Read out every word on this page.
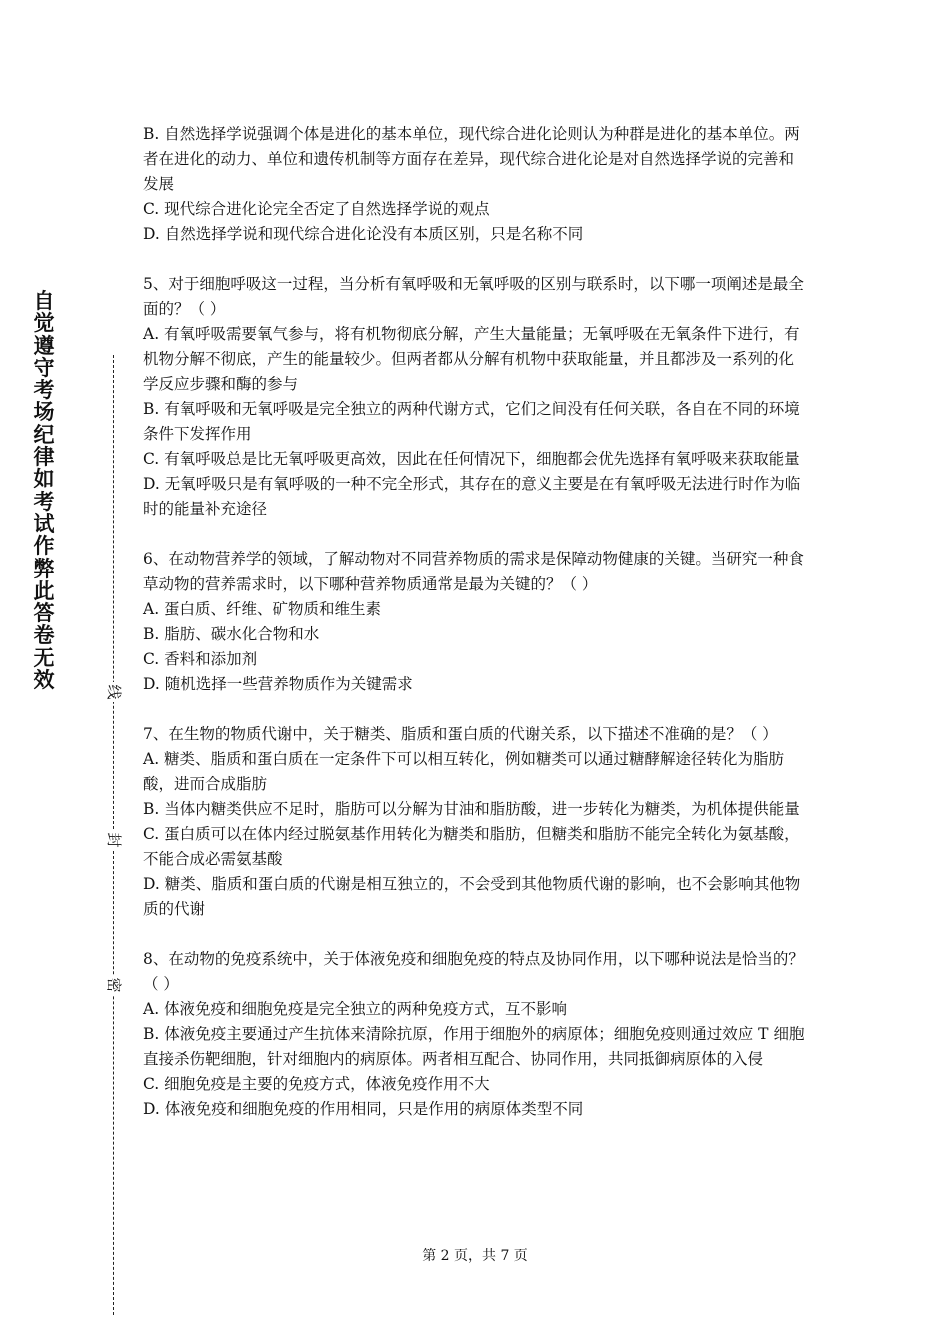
自觉遵守考场纪律如考试作弊此答卷无效	线
封
密
B. 自然选择学说强调个体是进化的基本单位，现代综合进化论则认为种群是进化的基本单位。两者在进化的动力、单位和遗传机制等方面存在差异，现代综合进化论是对自然选择学说的完善和发展
C. 现代综合进化论完全否定了自然选择学说的观点
D. 自然选择学说和现代综合进化论没有本质区别，只是名称不同
5、对于细胞呼吸这一过程，当分析有氧呼吸和无氧呼吸的区别与联系时，以下哪一项阐述是最全面的？（ ）
A. 有氧呼吸需要氧气参与，将有机物彻底分解，产生大量能量；无氧呼吸在无氧条件下进行，有机物分解不彻底，产生的能量较少。但两者都从分解有机物中获取能量，并且都涉及一系列的化学反应步骤和酶的参与
B. 有氧呼吸和无氧呼吸是完全独立的两种代谢方式，它们之间没有任何关联，各自在不同的环境条件下发挥作用
C. 有氧呼吸总是比无氧呼吸更高效，因此在任何情况下，细胞都会优先选择有氧呼吸来获取能量
D. 无氧呼吸只是有氧呼吸的一种不完全形式，其存在的意义主要是在有氧呼吸无法进行时作为临时的能量补充途径
6、在动物营养学的领域，了解动物对不同营养物质的需求是保障动物健康的关键。当研究一种食草动物的营养需求时，以下哪种营养物质通常是最为关键的？（ ）
A. 蛋白质、纤维、矿物质和维生素
B. 脂肪、碳水化合物和水
C. 香料和添加剂
D. 随机选择一些营养物质作为关键需求
7、在生物的物质代谢中，关于糖类、脂质和蛋白质的代谢关系，以下描述不准确的是？（ ）
A. 糖类、脂质和蛋白质在一定条件下可以相互转化，例如糖类可以通过糖酵解途径转化为脂肪酸，进而合成脂肪
B. 当体内糖类供应不足时，脂肪可以分解为甘油和脂肪酸，进一步转化为糖类，为机体提供能量
C. 蛋白质可以在体内经过脱氨基作用转化为糖类和脂肪，但糖类和脂肪不能完全转化为氨基酸，不能合成必需氨基酸
D. 糖类、脂质和蛋白质的代谢是相互独立的，不会受到其他物质代谢的影响，也不会影响其他物质的代谢
8、在动物的免疫系统中，关于体液免疫和细胞免疫的特点及协同作用，以下哪种说法是恰当的？（ ）
A. 体液免疫和细胞免疫是完全独立的两种免疫方式，互不影响
B. 体液免疫主要通过产生抗体来清除抗原，作用于细胞外的病原体；细胞免疫则通过效应 T 细胞直接杀伤靶细胞，针对细胞内的病原体。两者相互配合、协同作用，共同抵御病原体的入侵
C. 细胞免疫是主要的免疫方式，体液免疫作用不大
D. 体液免疫和细胞免疫的作用相同，只是作用的病原体类型不同
第 2 页，共 7 页
